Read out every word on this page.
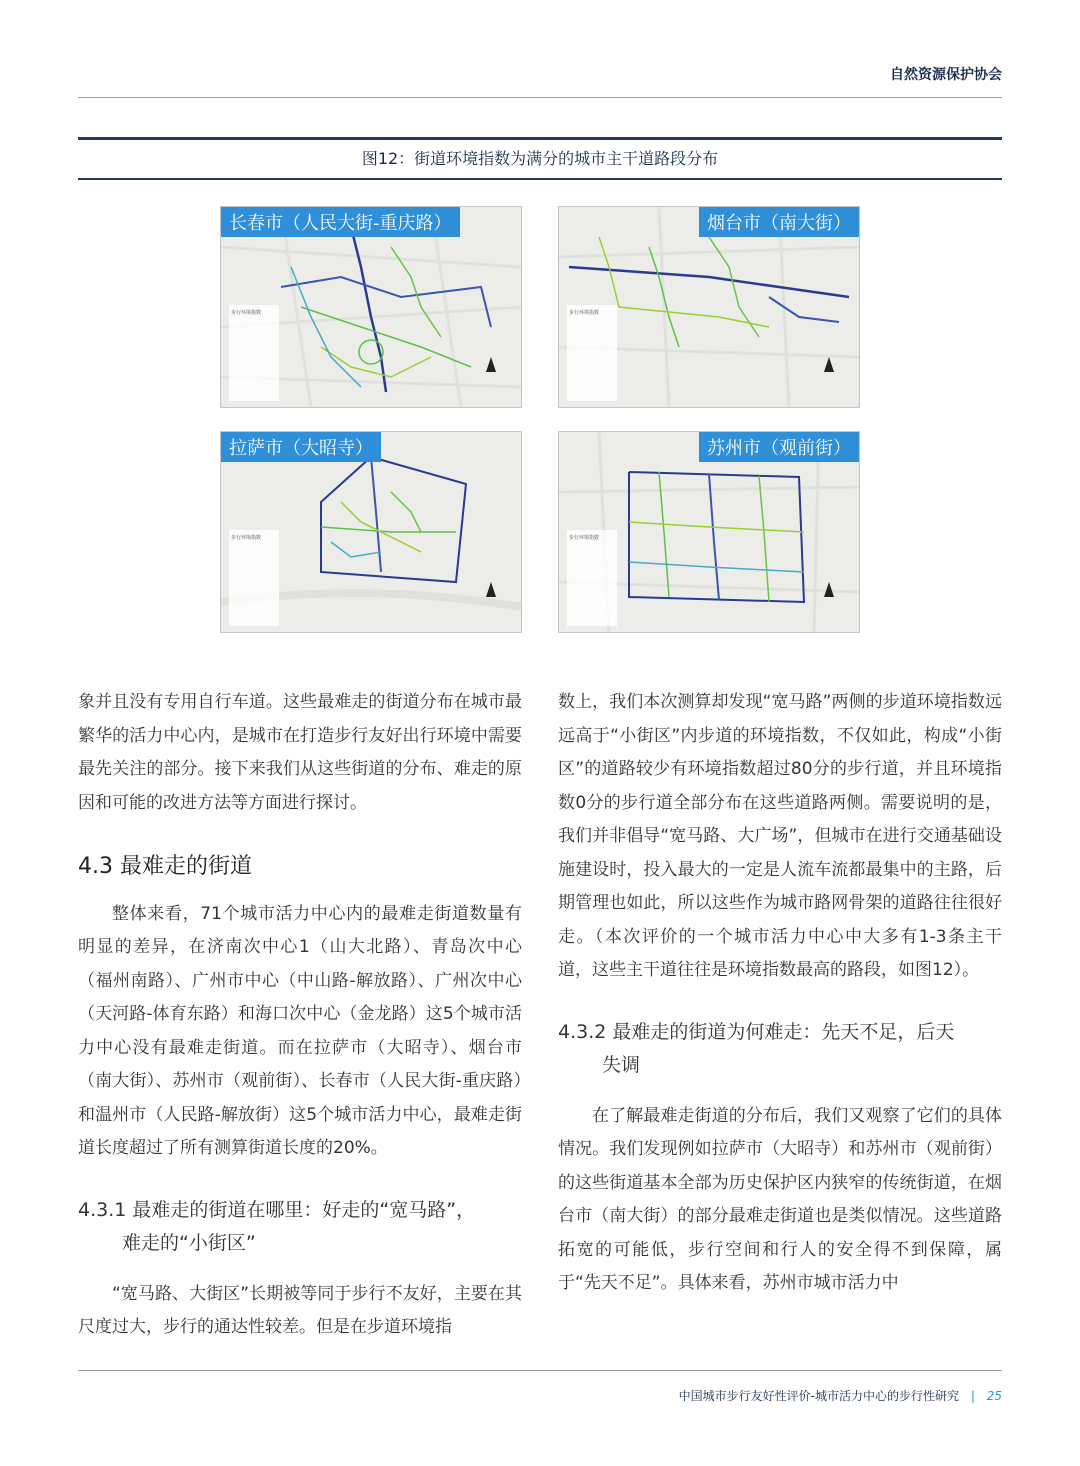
自然资源保护协会
图12：街道环境指数为满分的城市主干道路段分布
长春市（人民大街-重庆路）
步行环境指数
烟台市（南大街）
步行环境指数
拉萨市（大昭寺）
步行环境指数
苏州市（观前街）
步行环境指数

象并且没有专用自行车道。这些最难走的街道分布在城市最繁华的活力中心内，是城市在打造步行友好出行环境中需要最先关注的部分。接下来我们从这些街道的分布、难走的原因和可能的改进方法等方面进行探讨。

4.3 最难走的街道

整体来看，71个城市活力中心内的最难走街道数量有明显的差异，在济南次中心1（山大北路）、青岛次中心（福州南路）、广州市中心（中山路-解放路）、广州次中心（天河路-体育东路）和海口次中心（金龙路）这5个城市活力中心没有最难走街道。而在拉萨市（大昭寺）、烟台市（南大街）、苏州市（观前街）、长春市（人民大街-重庆路）和温州市（人民路-解放街）这5个城市活力中心，最难走街道长度超过了所有测算街道长度的20%。

4.3.1 最难走的街道在哪里：好走的“宽马路”，
难走的“小街区”

“宽马路、大街区”长期被等同于步行不友好，主要在其尺度过大，步行的通达性较差。但是在步道环境指

数上，我们本次测算却发现“宽马路”两侧的步道环境指数远远高于“小街区”内步道的环境指数，不仅如此，构成“小街区”的道路较少有环境指数超过80分的步行道，并且环境指数0分的步行道全部分布在这些道路两侧。需要说明的是，我们并非倡导“宽马路、大广场”，但城市在进行交通基础设施建设时，投入最大的一定是人流车流都最集中的主路，后期管理也如此，所以这些作为城市路网骨架的道路往往很好走。（本次评价的一个城市活力中心中大多有1-3条主干道，这些主干道往往是环境指数最高的路段，如图12）。

4.3.2 最难走的街道为何难走：先天不足，后天
失调

在了解最难走街道的分布后，我们又观察了它们的具体情况。我们发现例如拉萨市（大昭寺）和苏州市（观前街）的这些街道基本全部为历史保护区内狭窄的传统街道，在烟台市（南大街）的部分最难走街道也是类似情况。这些道路拓宽的可能低，步行空间和行人的安全得不到保障，属于“先天不足”。具体来看，苏州市城市活力中

中国城市步行友好性评价-城市活力中心的步行性研究 | 25
